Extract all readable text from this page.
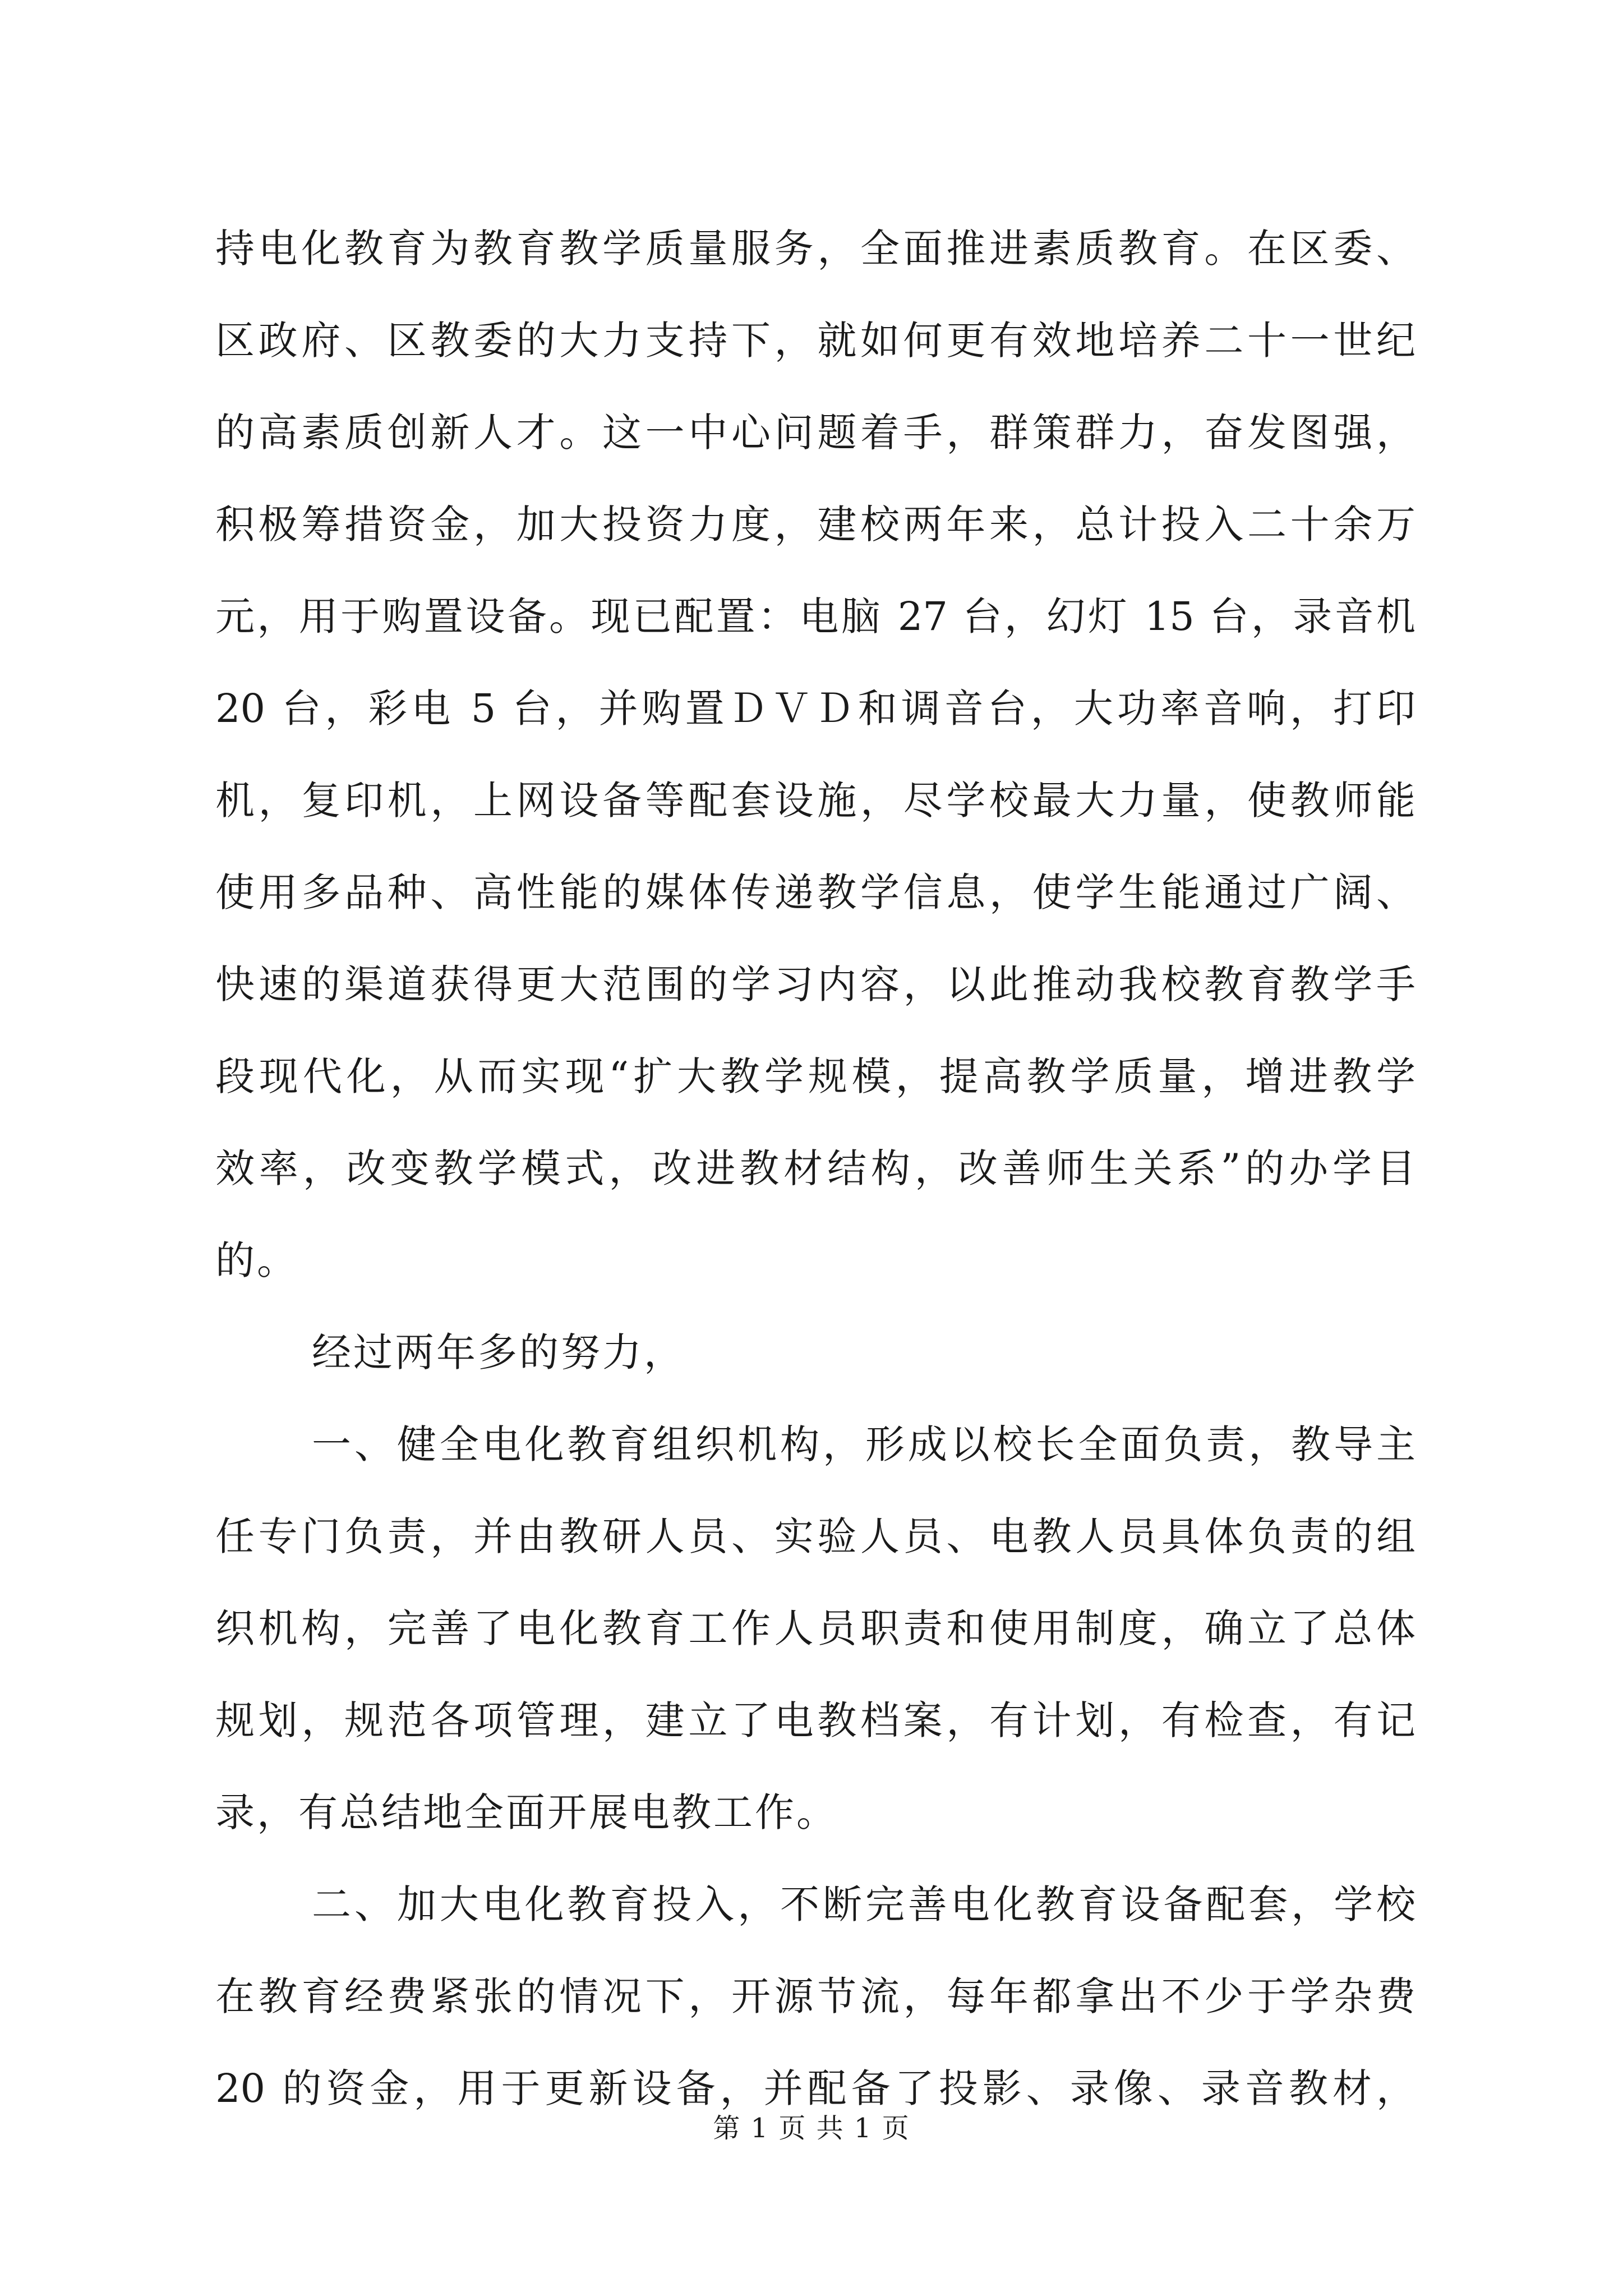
持电化教育为教育教学质量服务，全面推进素质教育。在区委、
区政府、区教委的大力支持下，就如何更有效地培养二十一世纪
的高素质创新人才。这一中心问题着手，群策群力，奋发图强，
积极筹措资金，加大投资力度，建校两年来，总计投入二十余万
元，用于购置设备。现已配置：电脑 27 台，幻灯 15 台，录音机
20 台，彩电 5 台，并购置ＤＶＤ和调音台，大功率音响，打印
机，复印机，上网设备等配套设施，尽学校最大力量，使教师能
使用多品种、高性能的媒体传递教学信息，使学生能通过广阔、
快速的渠道获得更大范围的学习内容，以此推动我校教育教学手
段现代化，从而实现“扩大教学规模，提高教学质量，增进教学
效率，改变教学模式，改进教材结构，改善师生关系”的办学目
的。
经过两年多的努力，
一、健全电化教育组织机构，形成以校长全面负责，教导主
任专门负责，并由教研人员、实验人员、电教人员具体负责的组
织机构，完善了电化教育工作人员职责和使用制度，确立了总体
规划，规范各项管理，建立了电教档案，有计划，有检查，有记
录，有总结地全面开展电教工作。
二、加大电化教育投入，不断完善电化教育设备配套，学校
在教育经费紧张的情况下，开源节流，每年都拿出不少于学杂费
20 的资金，用于更新设备，并配备了投影、录像、录音教材，
第 1 页 共 1 页
